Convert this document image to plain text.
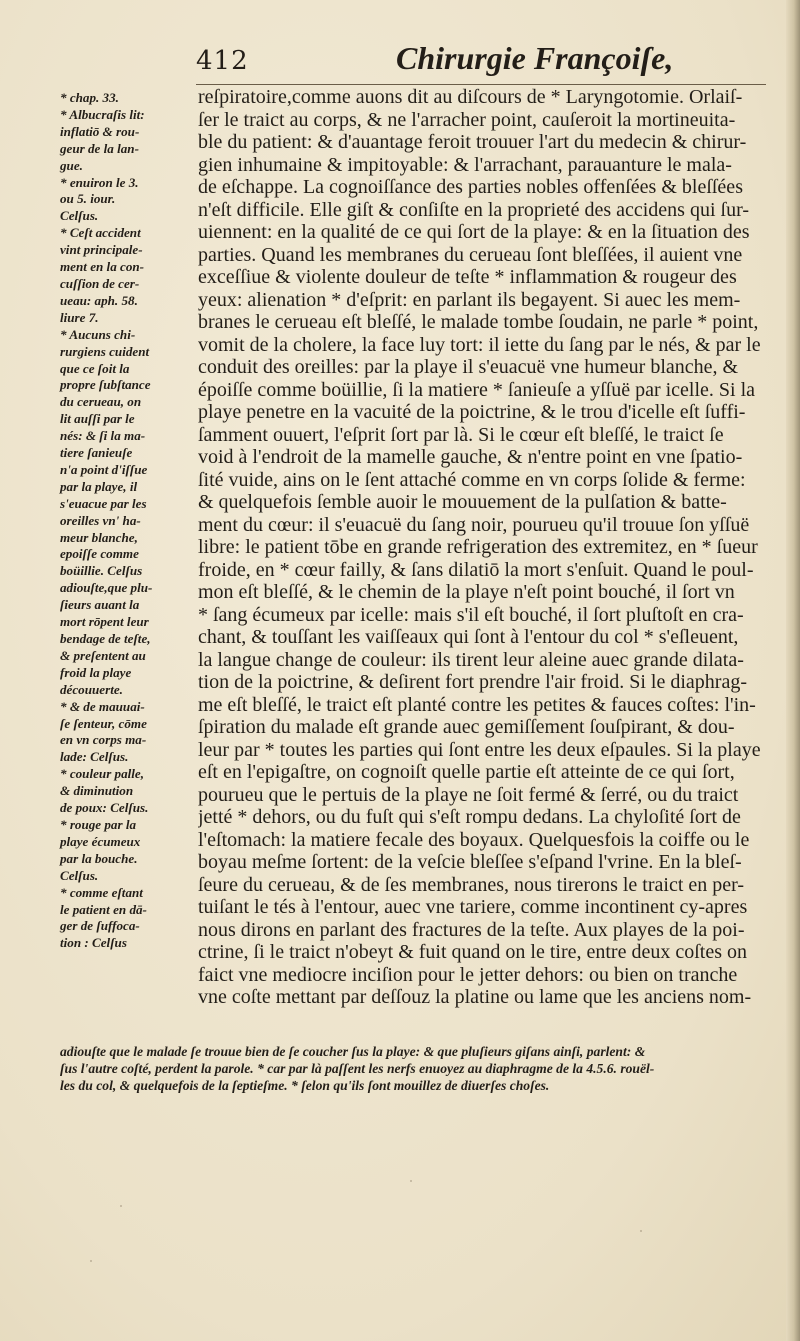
412	Chirurgie Françoiſe,
* chap. 33.
* Albucraſis lit:
inflatiō & rou-
geur de la lan-
gue.
* enuiron le 3.
ou 5. iour.
Celſus.
* Ceſt accident
vint principale-
ment en la con-
cuſſion de cer-
ueau: aph. 58.
liure 7.
* Aucuns chi-
rurgiens cuident
que ce ſoit la
propre ſubſtance
du cerueau, on
lit auſſi par le
nés: & ſi la ma-
tiere ſanieuſe
n'a point d'iſſue
par la playe, il
s'euacue par les
oreilles vn' ha-
meur blanche,
epoiſſe comme
boüillie. Celſus
adiouſte,que plu-
ſieurs auant la
mort rōpent leur
bendage de teſte,
& preſentent au
froid la playe
découuerte.
* & de mauuai-
ſe ſenteur, cōme
en vn corps ma-
lade: Celſus.
* couleur palle,
& diminution
de poux: Celſus.
* rouge par la
playe écumeux
par la bouche.
Celſus.
* comme eſtant
le patient en dā-
ger de ſuffoca-
tion : Celſus
reſpiratoire,comme auons dit au diſcours de * Laryngotomie. Orlaiſ-
ſer le traict au corps, & ne l'arracher point, cauſeroit la mortineuita-
ble du patient: & d'auantage feroit trouuer l'art du medecin & chirur-
gien inhumaine & impitoyable: & l'arrachant, parauanture le mala-
de eſchappe. La cognoiſſance des parties nobles offenſées & bleſſées
n'eſt difficile. Elle giſt & conſiſte en la proprieté des accidens qui ſur-
uiennent: en la qualité de ce qui ſort de la playe: & en la ſituation des
parties. Quand les membranes du cerueau ſont bleſſées, il auient vne
exceſſiue & violente douleur de teſte * inflammation & rougeur des
yeux: alienation * d'eſprit: en parlant ils begayent. Si auec les mem-
branes le cerueau eſt bleſſé, le malade tombe ſoudain, ne parle * point,
vomit de la cholere, la face luy tort: il iette du ſang par le nés, & par le
conduit des oreilles: par la playe il s'euacuë vne humeur blanche, &
époiſſe comme boüillie, ſi la matiere * ſanieuſe a yſſuë par icelle. Si la
playe penetre en la vacuité de la poictrine, & le trou d'icelle eſt ſuffi-
ſamment ouuert, l'eſprit ſort par là. Si le cœur eſt bleſſé, le traict ſe
void à l'endroit de la mamelle gauche, & n'entre point en vne ſpatio-
ſité vuide, ains on le ſent attaché comme en vn corps ſolide & ferme:
& quelquefois ſemble auoir le mouuement de la pulſation & batte-
ment du cœur: il s'euacuë du ſang noir, pourueu qu'il trouue ſon yſſuë
libre: le patient tōbe en grande refrigeration des extremitez, en * ſueur
froide, en * cœur failly, & ſans dilatiō la mort s'enſuit. Quand le poul-
mon eſt bleſſé, & le chemin de la playe n'eſt point bouché, il ſort vn
* ſang écumeux par icelle: mais s'il eſt bouché, il ſort pluſtoſt en cra-
chant, & touſſant les vaiſſeaux qui ſont à l'entour du col * s'eſleuent,
la langue change de couleur: ils tirent leur aleine auec grande dilata-
tion de la poictrine, & deſirent fort prendre l'air froid. Si le diaphrag-
me eſt bleſſé, le traict eſt planté contre les petites & fauces coſtes: l'in-
ſpiration du malade eſt grande auec gemiſſement ſouſpirant, & dou-
leur par * toutes les parties qui ſont entre les deux eſpaules. Si la playe
eſt en l'epigaſtre, on cognoiſt quelle partie eſt atteinte de ce qui ſort,
pourueu que le pertuis de la playe ne ſoit fermé & ſerré, ou du traict
jetté * dehors, ou du fuſt qui s'eſt rompu dedans. La chyloſité ſort de
l'eſtomach: la matiere fecale des boyaux. Quelquesfois la coiffe ou le
boyau meſme ſortent: de la veſcie bleſſee s'eſpand l'vrine. En la bleſ-
ſeure du cerueau, & de ſes membranes, nous tirerons le traict en per-
tuiſant le tés à l'entour, auec vne tariere, comme incontinent cy-apres
nous dirons en parlant des fractures de la teſte. Aux playes de la poi-
ctrine, ſi le traict n'obeyt & fuit quand on le tire, entre deux coſtes on
faict vne mediocre inciſion pour le jetter dehors: ou bien on tranche
vne coſte mettant par deſſouz la platine ou lame que les anciens nom-
adiouſte que le malade ſe trouue bien de ſe coucher ſus la playe: & que pluſieurs giſans ainſi, parlent: &
ſus l'autre coſté, perdent la parole. * car par là paſſent les nerfs enuoyez au diaphragme de la 4.5.6. rouël-
les du col, & quelquefois de la ſeptieſme. * ſelon qu'ils ſont mouillez de diuerſes choſes.
